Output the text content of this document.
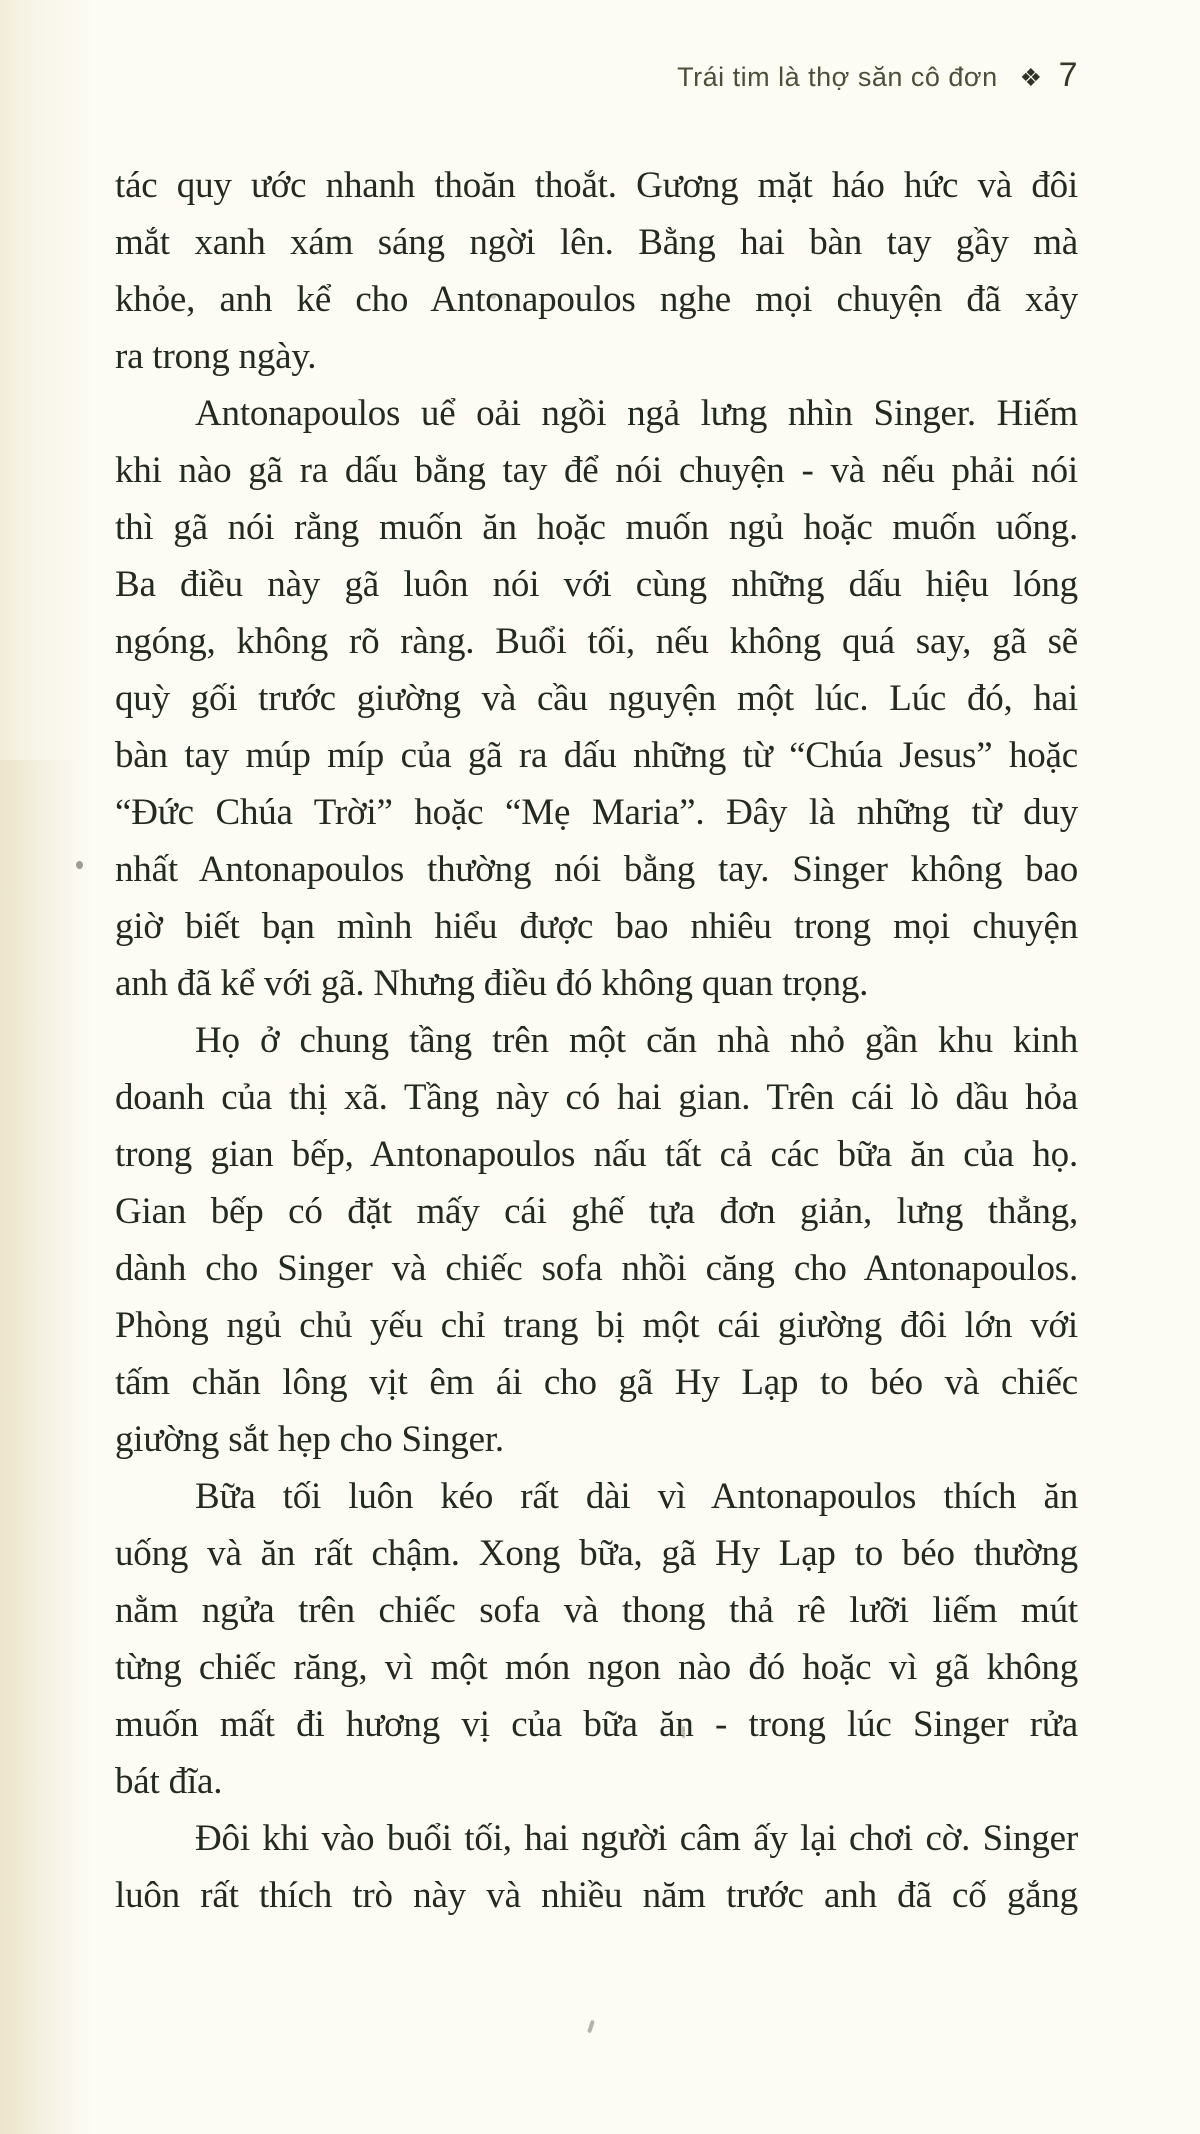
Trái tim là thợ săn cô đơn ❖ 7
tác quy ước nhanh thoăn thoắt. Gương mặt háo hức và đôi
mắt xanh xám sáng ngời lên. Bằng hai bàn tay gầy mà
khỏe, anh kể cho Antonapoulos nghe mọi chuyện đã xảy
ra trong ngày.
Antonapoulos uể oải ngồi ngả lưng nhìn Singer. Hiếm
khi nào gã ra dấu bằng tay để nói chuyện - và nếu phải nói
thì gã nói rằng muốn ăn hoặc muốn ngủ hoặc muốn uống.
Ba điều này gã luôn nói với cùng những dấu hiệu lóng
ngóng, không rõ ràng. Buổi tối, nếu không quá say, gã sẽ
quỳ gối trước giường và cầu nguyện một lúc. Lúc đó, hai
bàn tay múp míp của gã ra dấu những từ “Chúa Jesus” hoặc
“Đức Chúa Trời” hoặc “Mẹ Maria”. Đây là những từ duy
nhất Antonapoulos thường nói bằng tay. Singer không bao
giờ biết bạn mình hiểu được bao nhiêu trong mọi chuyện
anh đã kể với gã. Nhưng điều đó không quan trọng.
Họ ở chung tầng trên một căn nhà nhỏ gần khu kinh
doanh của thị xã. Tầng này có hai gian. Trên cái lò dầu hỏa
trong gian bếp, Antonapoulos nấu tất cả các bữa ăn của họ.
Gian bếp có đặt mấy cái ghế tựa đơn giản, lưng thẳng,
dành cho Singer và chiếc sofa nhồi căng cho Antonapoulos.
Phòng ngủ chủ yếu chỉ trang bị một cái giường đôi lớn với
tấm chăn lông vịt êm ái cho gã Hy Lạp to béo và chiếc
giường sắt hẹp cho Singer.
Bữa tối luôn kéo rất dài vì Antonapoulos thích ăn
uống và ăn rất chậm. Xong bữa, gã Hy Lạp to béo thường
nằm ngửa trên chiếc sofa và thong thả rê lưỡi liếm mút
từng chiếc răng, vì một món ngon nào đó hoặc vì gã không
muốn mất đi hương vị của bữa ăn - trong lúc Singer rửa
bát đĩa.
Đôi khi vào buổi tối, hai người câm ấy lại chơi cờ. Singer
luôn rất thích trò này và nhiều năm trước anh đã cố gắng
